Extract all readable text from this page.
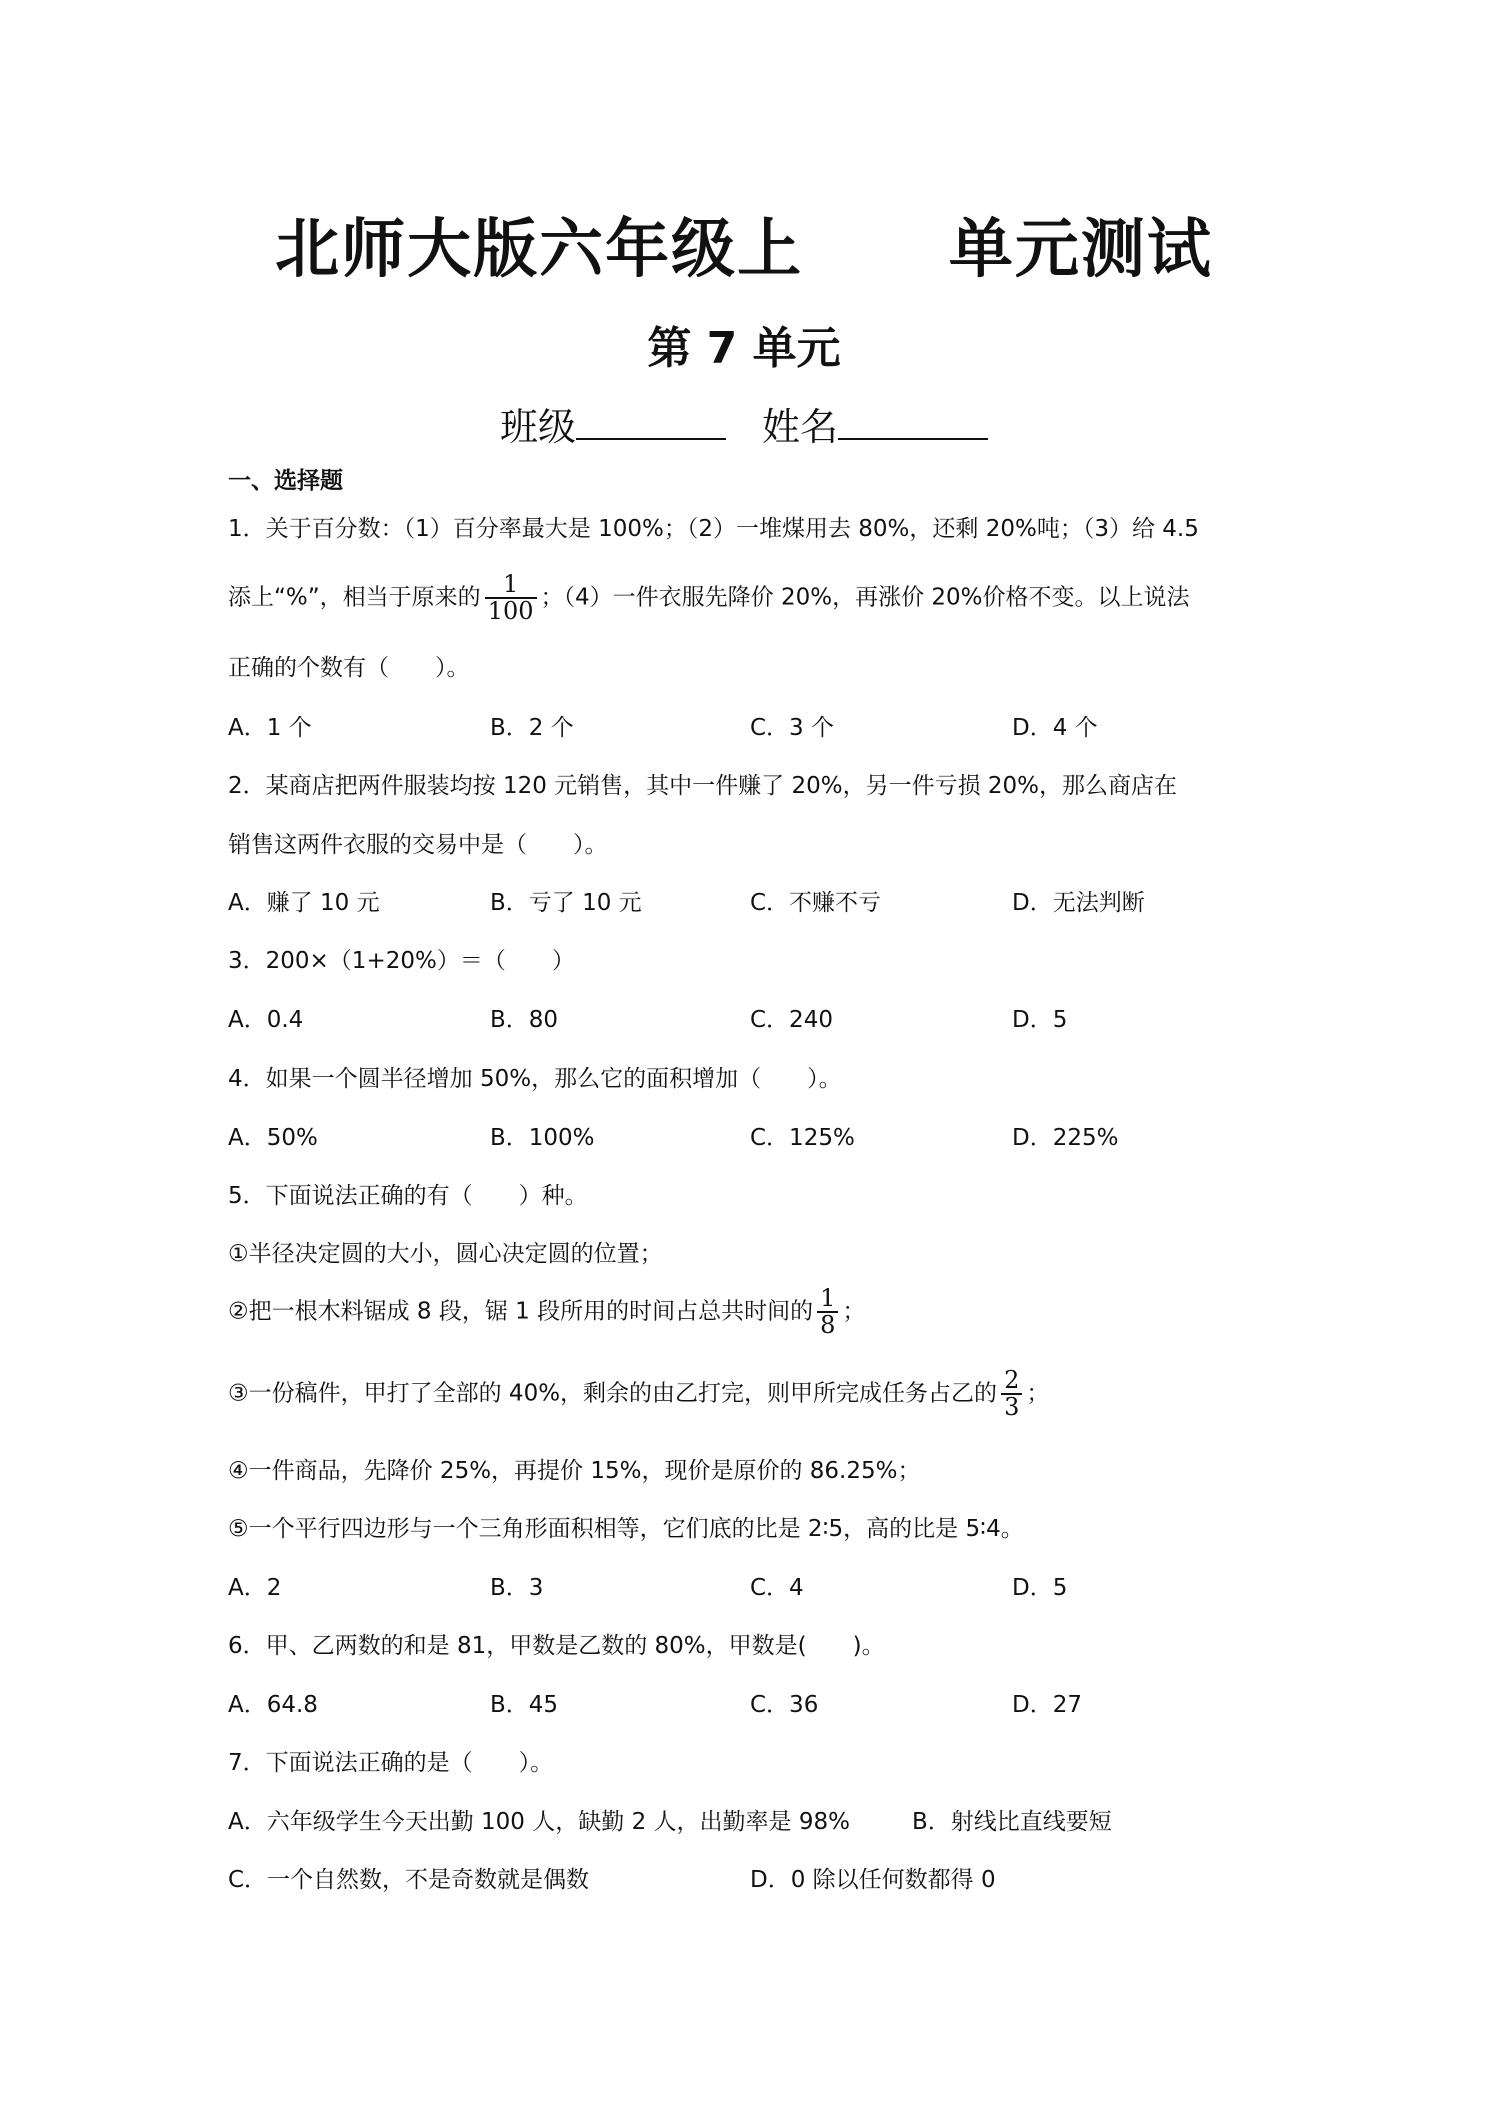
北师大版六年级上      单元测试
第 7 单元
班级	姓名
一、选择题
1．关于百分数：（1）百分率最大是 100%；（2）一堆煤用去 80%，还剩 20%吨；（3）给 4.5
添上“%”，相当于原来的 $\frac{1}{100}$ ；（4）一件衣服先降价 20%，再涨价 20%价格不变。以上说法
正确的个数有（　　）。
A．1 个	B．2 个	C．3 个	D．4 个
2．某商店把两件服装均按 120 元销售，其中一件赚了 20%，另一件亏损 20%，那么商店在
销售这两件衣服的交易中是（　　）。
A．赚了 10 元	B．亏了 10 元	C．不赚不亏	D．无法判断
3．200×（1+20%）＝（　　）
A．0.4	B．80	C．240	D．5
4．如果一个圆半径增加 50%，那么它的面积增加（　　）。
A．50%	B．100%	C．125%	D．225%
5．下面说法正确的有（　　）种。
①半径决定圆的大小，圆心决定圆的位置；
②把一根木料锯成 8 段，锯 1 段所用的时间占总共时间的 $\frac{1}{8}$ ；
③一份稿件，甲打了全部的 40%，剩余的由乙打完，则甲所完成任务占乙的 $\frac{2}{3}$ ；
④一件商品，先降价 25%，再提价 15%，现价是原价的 86.25%；
⑤一个平行四边形与一个三角形面积相等，它们底的比是 2∶5，高的比是 5∶4。
A．2	B．3	C．4	D．5
6．甲、乙两数的和是 81，甲数是乙数的 80%，甲数是(　　)。
A．64.8	B．45	C．36	D．27
7．下面说法正确的是（　　）。
A．六年级学生今天出勤 100 人，缺勤 2 人，出勤率是 98%	B．射线比直线要短
C．一个自然数，不是奇数就是偶数	D．0 除以任何数都得 0
